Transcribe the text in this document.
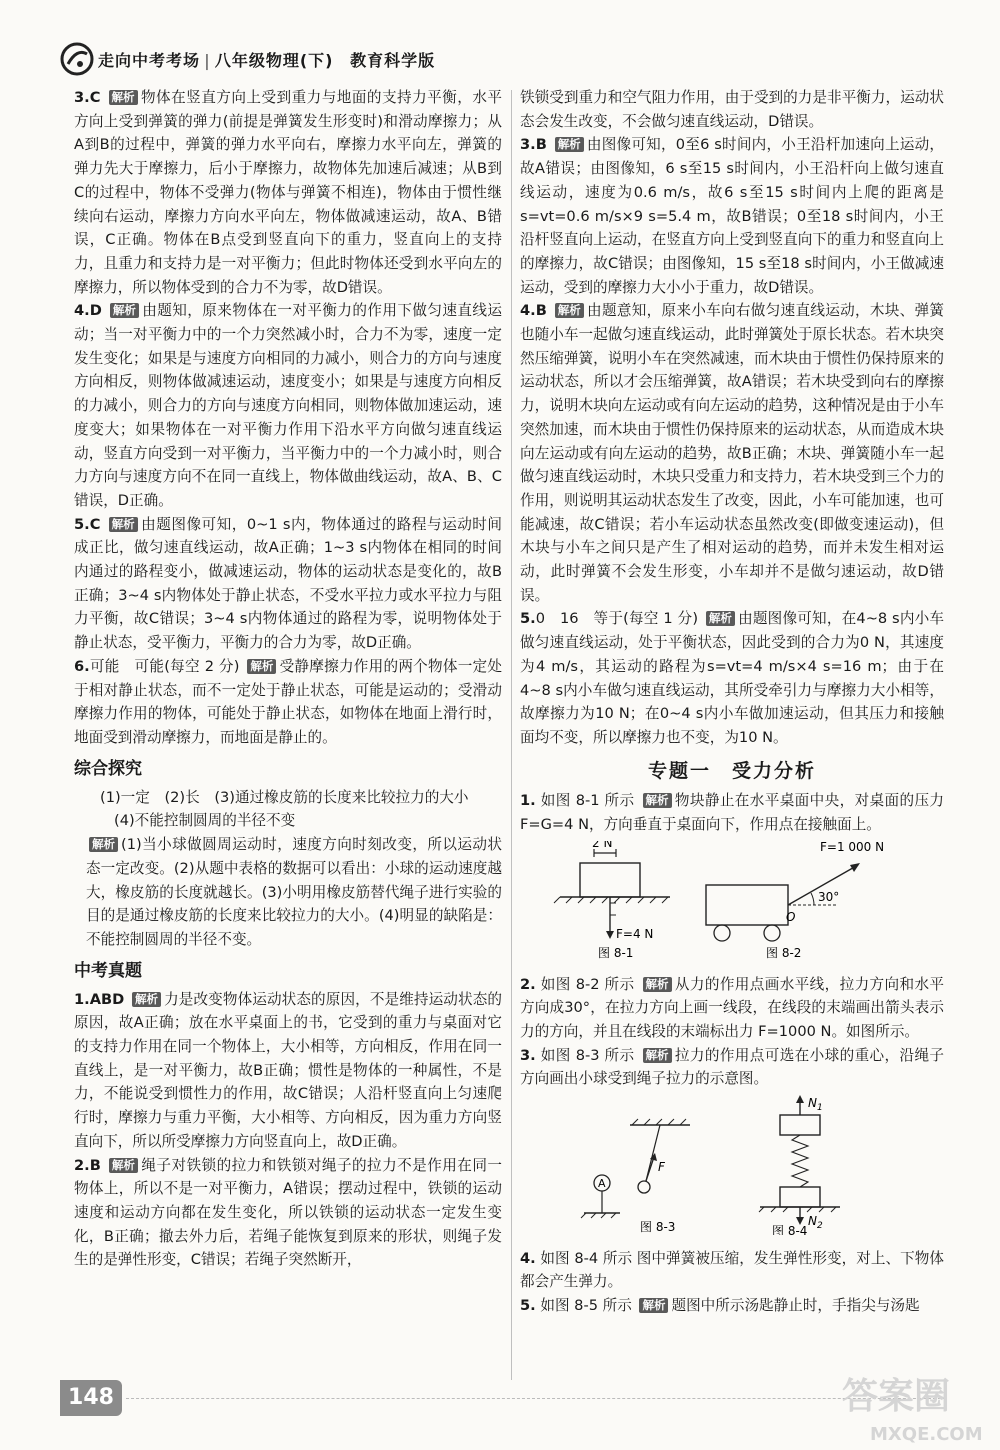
走向中考考场 | 八年级物理(下) 教育科学版

3.C 解析 物体在竖直方向上受到重力与地面的支持力平衡，水平方向上受到弹簧的弹力(前提是弹簧发生形变时)和滑动摩擦力；从A到B的过程中，弹簧的弹力水平向右，摩擦力水平向左，弹簧的弹力先大于摩擦力，后小于摩擦力，故物体先加速后减速；从B到C的过程中，物体不受弹力(物体与弹簧不相连)，物体由于惯性继续向右运动，摩擦力方向水平向左，物体做减速运动，故A、B错误，C正确。物体在B点受到竖直向下的重力，竖直向上的支持力，且重力和支持力是一对平衡力；但此时物体还受到水平向左的摩擦力，所以物体受到的合力不为零，故D错误。

4.D 解析 由题知，原来物体在一对平衡力的作用下做匀速直线运动；当一对平衡力中的一个力突然减小时，合力不为零，速度一定发生变化；如果是与速度方向相同的力减小，则合力的方向与速度方向相反，则物体做减速运动，速度变小；如果是与速度方向相反的力减小，则合力的方向与速度方向相同，则物体做加速运动，速度变大；如果物体在一对平衡力作用下沿水平方向做匀速直线运动，竖直方向受到一对平衡力，当平衡力中的一个力减小时，则合力方向与速度方向不在同一直线上，物体做曲线运动，故A、B、C错误，D正确。

5.C 解析 由题图像可知，0~1 s内，物体通过的路程与运动时间成正比，做匀速直线运动，故A正确；1~3 s内物体在相同的时间内通过的路程变小，做减速运动，物体的运动状态是变化的，故B正确；3~4 s内物体处于静止状态，不受水平拉力或水平拉力与阻力平衡，故C错误；3~4 s内物体通过的路程为零，说明物体处于静止状态，受平衡力，平衡力的合力为零，故D正确。

6.可能　可能(每空 2 分) 解析 受静摩擦力作用的两个物体一定处于相对静止状态，而不一定处于静止状态，可能是运动的；受滑动摩擦力作用的物体，可能处于静止状态，如物体在地面上滑行时，地面受到滑动摩擦力，而地面是静止的。

综合探究

(1)一定　(2)长　(3)通过橡皮筋的长度来比较拉力的大小

(4)不能控制圆周的半径不变

解析 (1)当小球做圆周运动时，速度方向时刻改变，所以运动状态一定改变。(2)从题中表格的数据可以看出：小球的运动速度越大，橡皮筋的长度就越长。(3)小明用橡皮筋替代绳子进行实验的目的是通过橡皮筋的长度来比较拉力的大小。(4)明显的缺陷是：不能控制圆周的半径不变。

中考真题

1.ABD 解析 力是改变物体运动状态的原因，不是维持运动状态的原因，故A正确；放在水平桌面上的书，它受到的重力与桌面对它的支持力作用在同一个物体上，大小相等，方向相反，作用在同一直线上，是一对平衡力，故B正确；惯性是物体的一种属性，不是力，不能说受到惯性力的作用，故C错误；人沿杆竖直向上匀速爬行时，摩擦力与重力平衡，大小相等、方向相反，因为重力方向竖直向下，所以所受摩擦力方向竖直向上，故D正确。

2.B 解析 绳子对铁锁的拉力和铁锁对绳子的拉力不是作用在同一物体上，所以不是一对平衡力，A错误；摆动过程中，铁锁的运动速度和运动方向都在发生变化，所以铁锁的运动状态一定发生变化，B正确；撤去外力后，若绳子能恢复到原来的形状，则绳子发生的是弹性形变，C错误；若绳子突然断开，

铁锁受到重力和空气阻力作用，由于受到的力是非平衡力，运动状态会发生改变，不会做匀速直线运动，D错误。

3.B 解析 由图像可知，0至6 s时间内，小王沿杆加速向上运动，故A错误；由图像知，6 s至15 s时间内，小王沿杆向上做匀速直线运动，速度为0.6 m/s，故6 s至15 s时间内上爬的距离是s=vt=0.6 m/s×9 s=5.4 m，故B错误；0至18 s时间内，小王沿杆竖直向上运动，在竖直方向上受到竖直向下的重力和竖直向上的摩擦力，故C错误；由图像知，15 s至18 s时间内，小王做减速运动，受到的摩擦力大小小于重力，故D错误。

4.B 解析 由题意知，原来小车向右做匀速直线运动，木块、弹簧也随小车一起做匀速直线运动，此时弹簧处于原长状态。若木块突然压缩弹簧，说明小车在突然减速，而木块由于惯性仍保持原来的运动状态，所以才会压缩弹簧，故A错误；若木块受到向右的摩擦力，说明木块向左运动或有向左运动的趋势，这种情况是由于小车突然加速，而木块由于惯性仍保持原来的运动状态，从而造成木块向左运动或有向左运动的趋势，故B正确；木块、弹簧随小车一起做匀速直线运动时，木块只受重力和支持力，若木块受到三个力的作用，则说明其运动状态发生了改变，因此，小车可能加速，也可能减速，故C错误；若小车运动状态虽然改变(即做变速运动)，但木块与小车之间只是产生了相对运动的趋势，而并未发生相对运动，此时弹簧不会发生形变，小车却并不是做匀速运动，故D错误。

5.0　16　等于(每空 1 分) 解析 由题图像可知，在4~8 s内小车做匀速直线运动，处于平衡状态，因此受到的合力为0 N，其速度为4 m/s，其运动的路程为s=vt=4 m/s×4 s=16 m；由于在4~8 s内小车做匀速直线运动，其所受牵引力与摩擦力大小相等，故摩擦力为10 N；在0~4 s内小车做加速运动，但其压力和接触面均不变，所以摩擦力也不变，为10 N。

专题一　受力分析

1. 如图 8-1 所示 解析 物块静止在水平桌面中央，对桌面的压力 F=G=4 N，方向垂直于桌面向下，作用点在接触面上。

2 N
F=4 N
图 8-1
F=1 000 N
30°
O
图 8-2

2. 如图 8-2 所示 解析 从力的作用点画水平线，拉力方向和水平方向成30°，在拉力方向上画一线段，在线段的末端画出箭头表示力的方向，并且在线段的末端标出力 F=1000 N。如图所示。

3. 如图 8-3 所示 解析 拉力的作用点可选在小球的重心，沿绳子方向画出小球受到绳子拉力的示意图。

F
A
图 8-3
$N_1$
$N_2$
图 8-4

4. 如图 8-4 所示 图中弹簧被压缩，发生弹性形变，对上、下物体都会产生弹力。

5. 如图 8-5 所示 解析 题图中所示汤匙静止时，手指尖与汤匙

148	答案圈
MXQE.COM
